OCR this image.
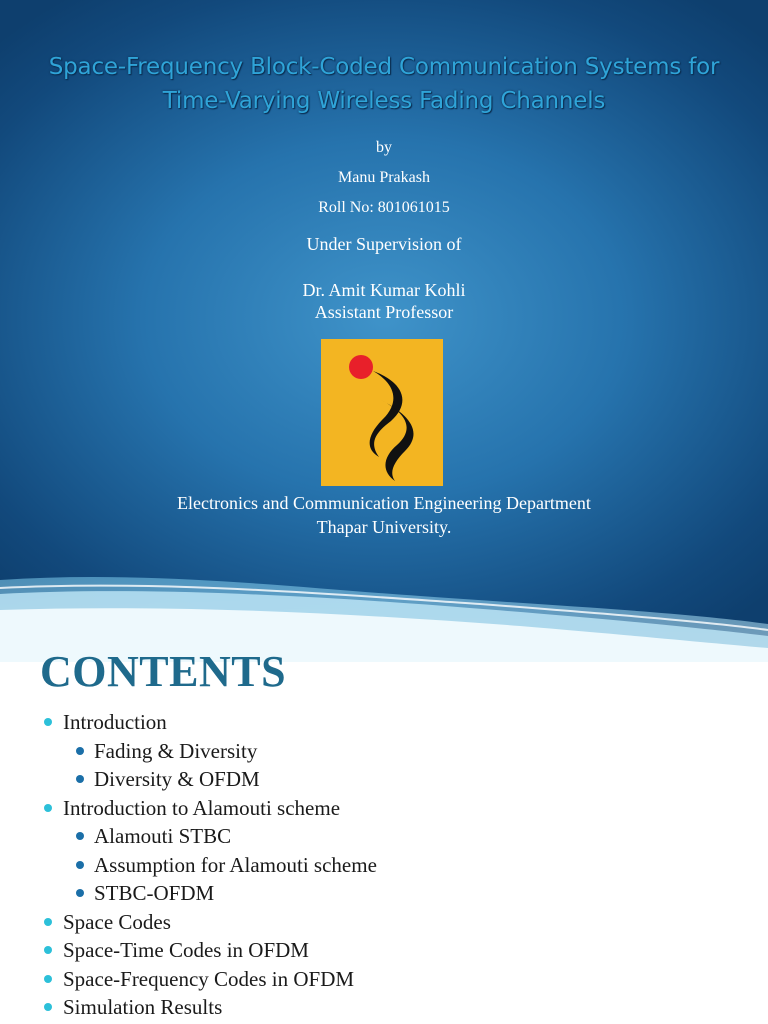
Space-Frequency Block-Coded Communication Systems for
Time-Varying Wireless Fading Channels
by
Manu Prakash
Roll No: 801061015
Under Supervision of
Dr. Amit Kumar Kohli
Assistant Professor
Electronics and Communication Engineering Department
Thapar University.
CONTENTS
Introduction
Fading & Diversity
Diversity & OFDM
Introduction to Alamouti scheme
Alamouti STBC
Assumption for Alamouti scheme
STBC-OFDM
Space Codes
Space-Time Codes in OFDM
Space-Frequency Codes in OFDM
Simulation Results
